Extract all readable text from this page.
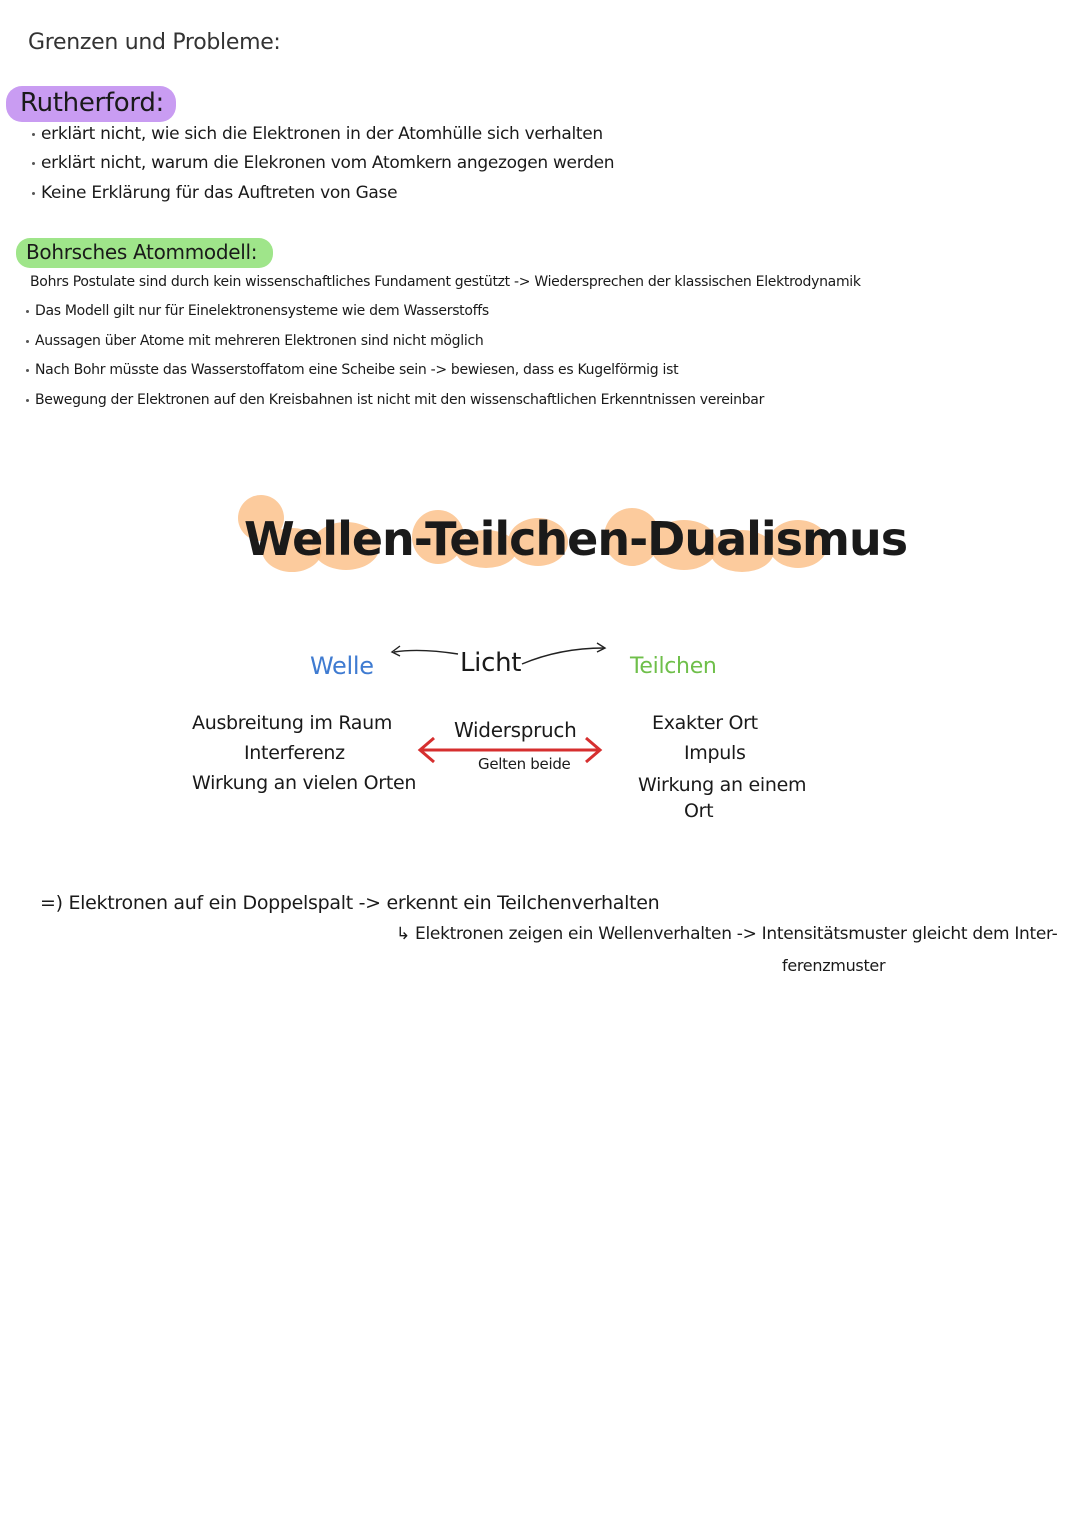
Grenzen und Probleme:
Rutherford:
erklärt nicht, wie sich die Elektronen in der Atomhülle sich verhalten
erklärt nicht, warum die Elekronen vom Atomkern angezogen werden
Keine Erklärung für das Auftreten von Gase
Bohrsches Atommodell:
Bohrs Postulate sind durch kein wissenschaftliches Fundament gestützt -> Wiedersprechen der klassischen Elektrodynamik
Das Modell gilt nur für Einelektronensysteme wie dem Wasserstoffs
Aussagen über Atome mit mehreren Elektronen sind nicht möglich
Nach Bohr müsste das Wasserstoffatom eine Scheibe sein -> bewiesen, dass es Kugelförmig ist
Bewegung der Elektronen auf den Kreisbahnen ist nicht mit den wissenschaftlichen Erkenntnissen vereinbar
Wellen-Teilchen-Dualismus
Welle	Licht	Teilchen
Ausbreitung im Raum
Interferenz
Wirkung an vielen Orten
Widerspruch
Gelten beide
Exakter Ort
Impuls
Wirkung an einem
Ort
=) Elektronen auf ein Doppelspalt -> erkennt ein Teilchenverhalten
↳ Elektronen zeigen ein Wellenverhalten -> Intensitätsmuster gleicht dem Inter-
ferenzmuster
